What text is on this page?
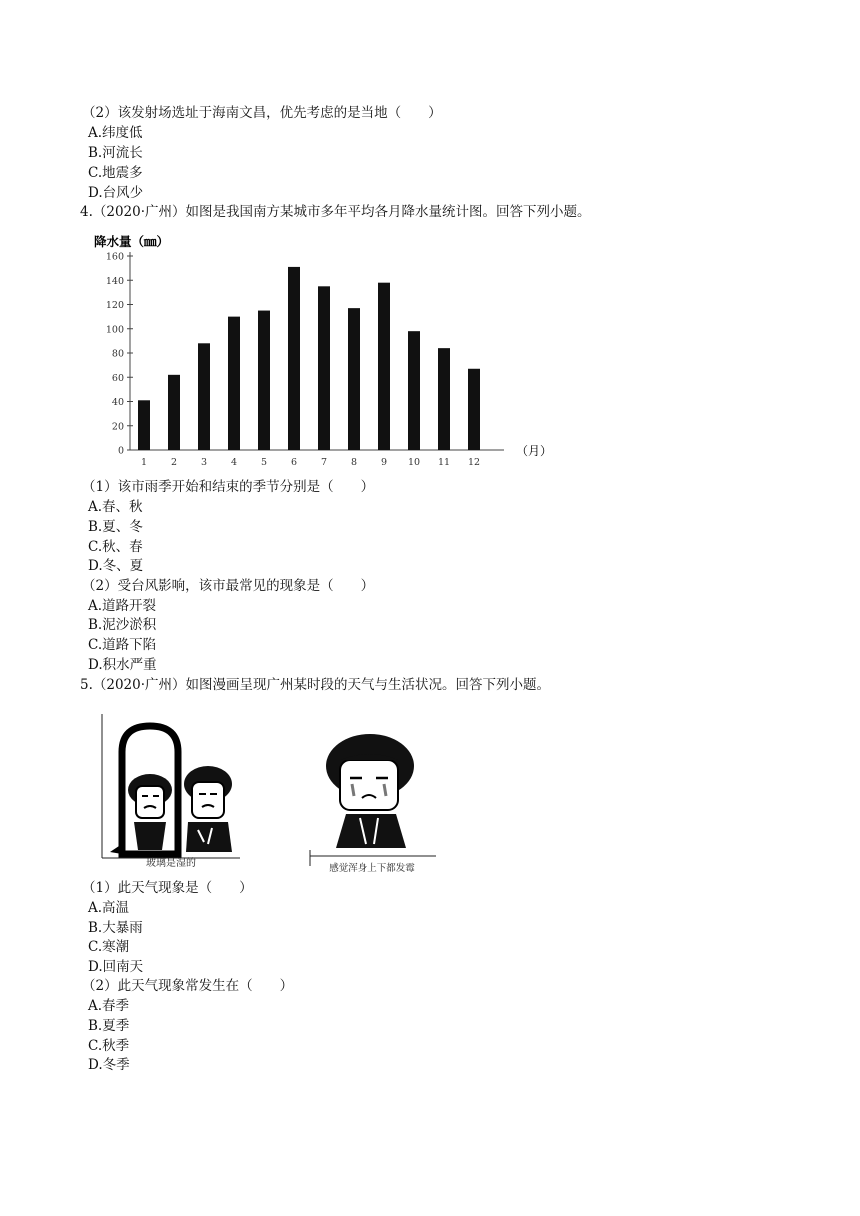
（2）该发射场选址于海南文昌，优先考虑的是当地（　　）
A.纬度低
B.河流长
C.地震多
D.台风少
4.（2020·广州）如图是我国南方某城市多年平均各月降水量统计图。回答下列小题。
降水量（㎜）
0
20
40
60
80
100
120
140
160
1	2	3	4	5	6	7	8	9 10 11 12
（月）
（1）该市雨季开始和结束的季节分别是（　　）
A.春、秋
B.夏、冬
C.秋、春
D.冬、夏
（2）受台风影响，该市最常见的现象是（　　）
A.道路开裂
B.泥沙淤积
C.道路下陷
D.积水严重
5.（2020·广州）如图漫画呈现广州某时段的天气与生活状况。回答下列小题。
玻璃是湿的	感觉浑身上下都发霉
（1）此天气现象是（　　）
A.高温
B.大暴雨
C.寒潮
D.回南天
（2）此天气现象常发生在（　　）
A.春季
B.夏季
C.秋季
D.冬季
